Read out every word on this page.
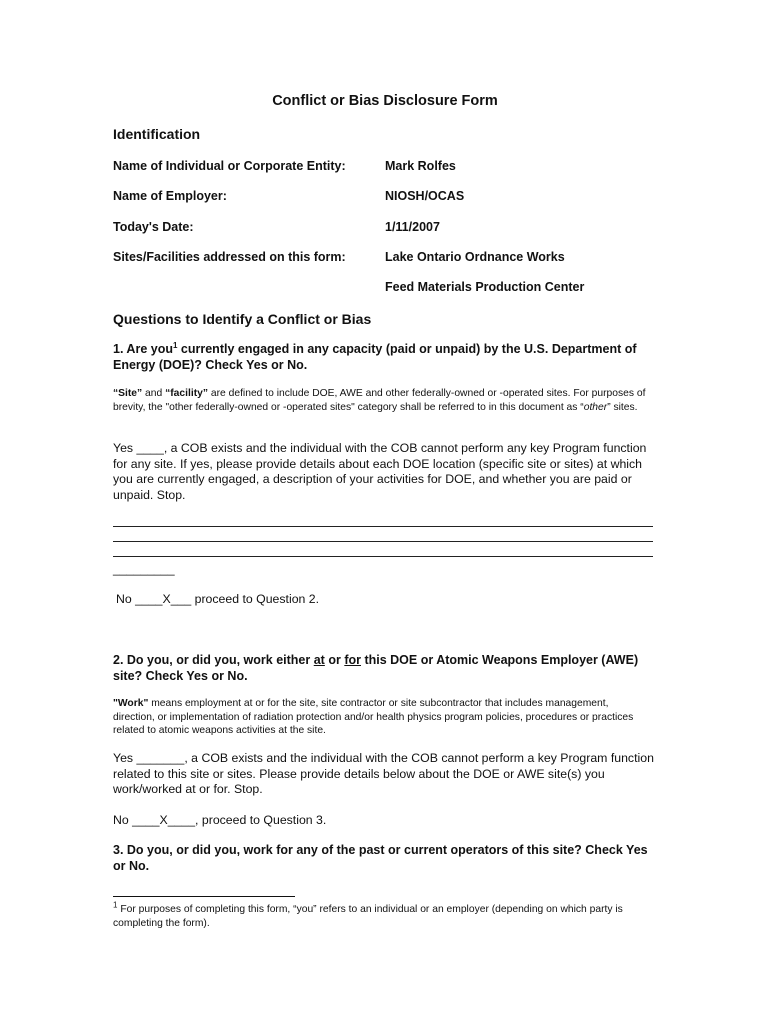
Conflict or Bias Disclosure Form
Identification
Name of Individual or Corporate Entity:	Mark Rolfes
Name of Employer:	NIOSH/OCAS
Today's Date:	1/11/2007
Sites/Facilities addressed on this form:	Lake Ontario Ordnance Works
Feed Materials Production Center
Questions to Identify a Conflict or Bias
1. Are you$^1$ currently engaged in any capacity (paid or unpaid) by the U.S. Department of Energy (DOE)? Check Yes or No.
“Site” and “facility” are defined to include DOE, AWE and other federally-owned or -operated sites. For purposes of brevity, the "other federally-owned or -operated sites" category shall be referred to in this document as “other” sites.
Yes ____, a COB exists and the individual with the COB cannot perform any key Program function for any site. If yes, please provide details about each DOE location (specific site or sites) at which you are currently engaged, a description of your activities for DOE, and whether you are paid or unpaid. Stop.
_________
No ____X___ proceed to Question 2.
2. Do you, or did you, work either at or for this DOE or Atomic Weapons Employer (AWE) site? Check Yes or No.
"Work" means employment at or for the site, site contractor or site subcontractor that includes management, direction, or implementation of radiation protection and/or health physics program policies, procedures or practices related to atomic weapons activities at the site.
Yes _______, a COB exists and the individual with the COB cannot perform a key Program function related to this site or sites. Please provide details below about the DOE or AWE site(s) you work/worked at or for. Stop.
No ____X____, proceed to Question 3.
3. Do you, or did you, work for any of the past or current operators of this site? Check Yes or No.
$^1$ For purposes of completing this form, “you” refers to an individual or an employer (depending on which party is completing the form).
